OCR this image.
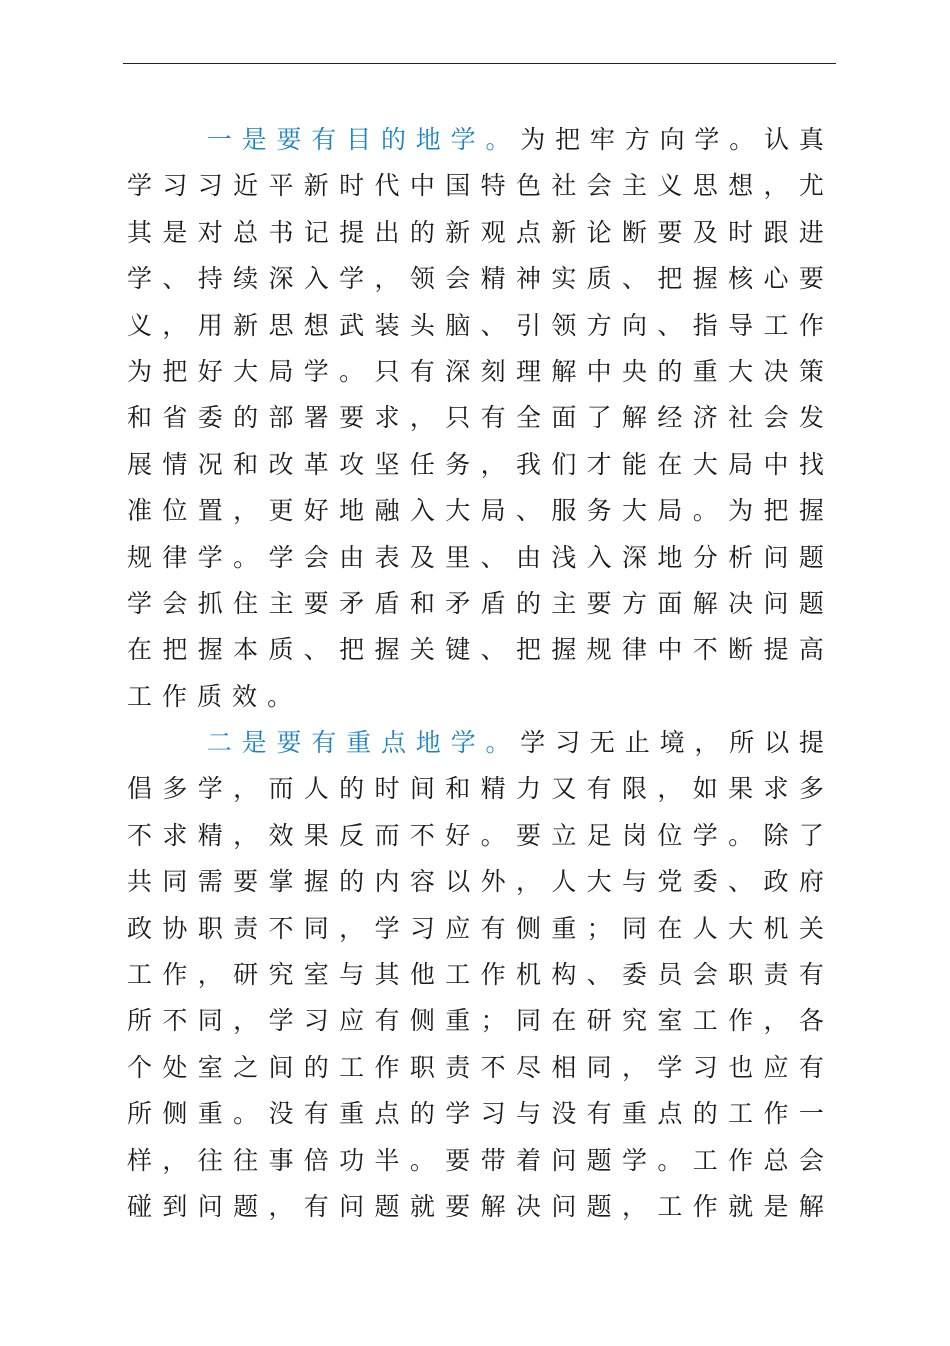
一 是 要 有 目 的 地 学 。 为 把 牢 方 向 学 。 认 真
学 习 习 近 平 新 时 代 中 国 特 色 社 会 主 义 思 想 ， 尤
其 是 对 总 书 记 提 出 的 新 观 点 新 论 断 要 及 时 跟 进
学 、 持 续 深 入 学 ， 领 会 精 神 实 质 、 把 握 核 心 要
义 ， 用 新 思 想 武 装 头 脑 、 引 领 方 向 、 指 导 工 作
为 把 好 大 局 学 。 只 有 深 刻 理 解 中 央 的 重 大 决 策
和 省 委 的 部 署 要 求 ， 只 有 全 面 了 解 经 济 社 会 发
展 情 况 和 改 革 攻 坚 任 务 ， 我 们 才 能 在 大 局 中 找
准 位 置 ， 更 好 地 融 入 大 局 、 服 务 大 局 。 为 把 握
规 律 学 。 学 会 由 表 及 里 、 由 浅 入 深 地 分 析 问 题
学 会 抓 住 主 要 矛 盾 和 矛 盾 的 主 要 方 面 解 决 问 题
在 把 握 本 质 、 把 握 关 键 、 把 握 规 律 中 不 断 提 高
工 作 质 效 。
二 是 要 有 重 点 地 学 。 学 习 无 止 境 ， 所 以 提
倡 多 学 ， 而 人 的 时 间 和 精 力 又 有 限 ， 如 果 求 多
不 求 精 ， 效 果 反 而 不 好 。 要 立 足 岗 位 学 。 除 了
共 同 需 要 掌 握 的 内 容 以 外 ， 人 大 与 党 委 、 政 府
政 协 职 责 不 同 ， 学 习 应 有 侧 重 ； 同 在 人 大 机 关
工 作 ， 研 究 室 与 其 他 工 作 机 构 、 委 员 会 职 责 有
所 不 同 ， 学 习 应 有 侧 重 ； 同 在 研 究 室 工 作 ， 各
个 处 室 之 间 的 工 作 职 责 不 尽 相 同 ， 学 习 也 应 有
所 侧 重 。 没 有 重 点 的 学 习 与 没 有 重 点 的 工 作 一
样 ， 往 往 事 倍 功 半 。 要 带 着 问 题 学 。 工 作 总 会
碰 到 问 题 ， 有 问 题 就 要 解 决 问 题 ， 工 作 就 是 解
